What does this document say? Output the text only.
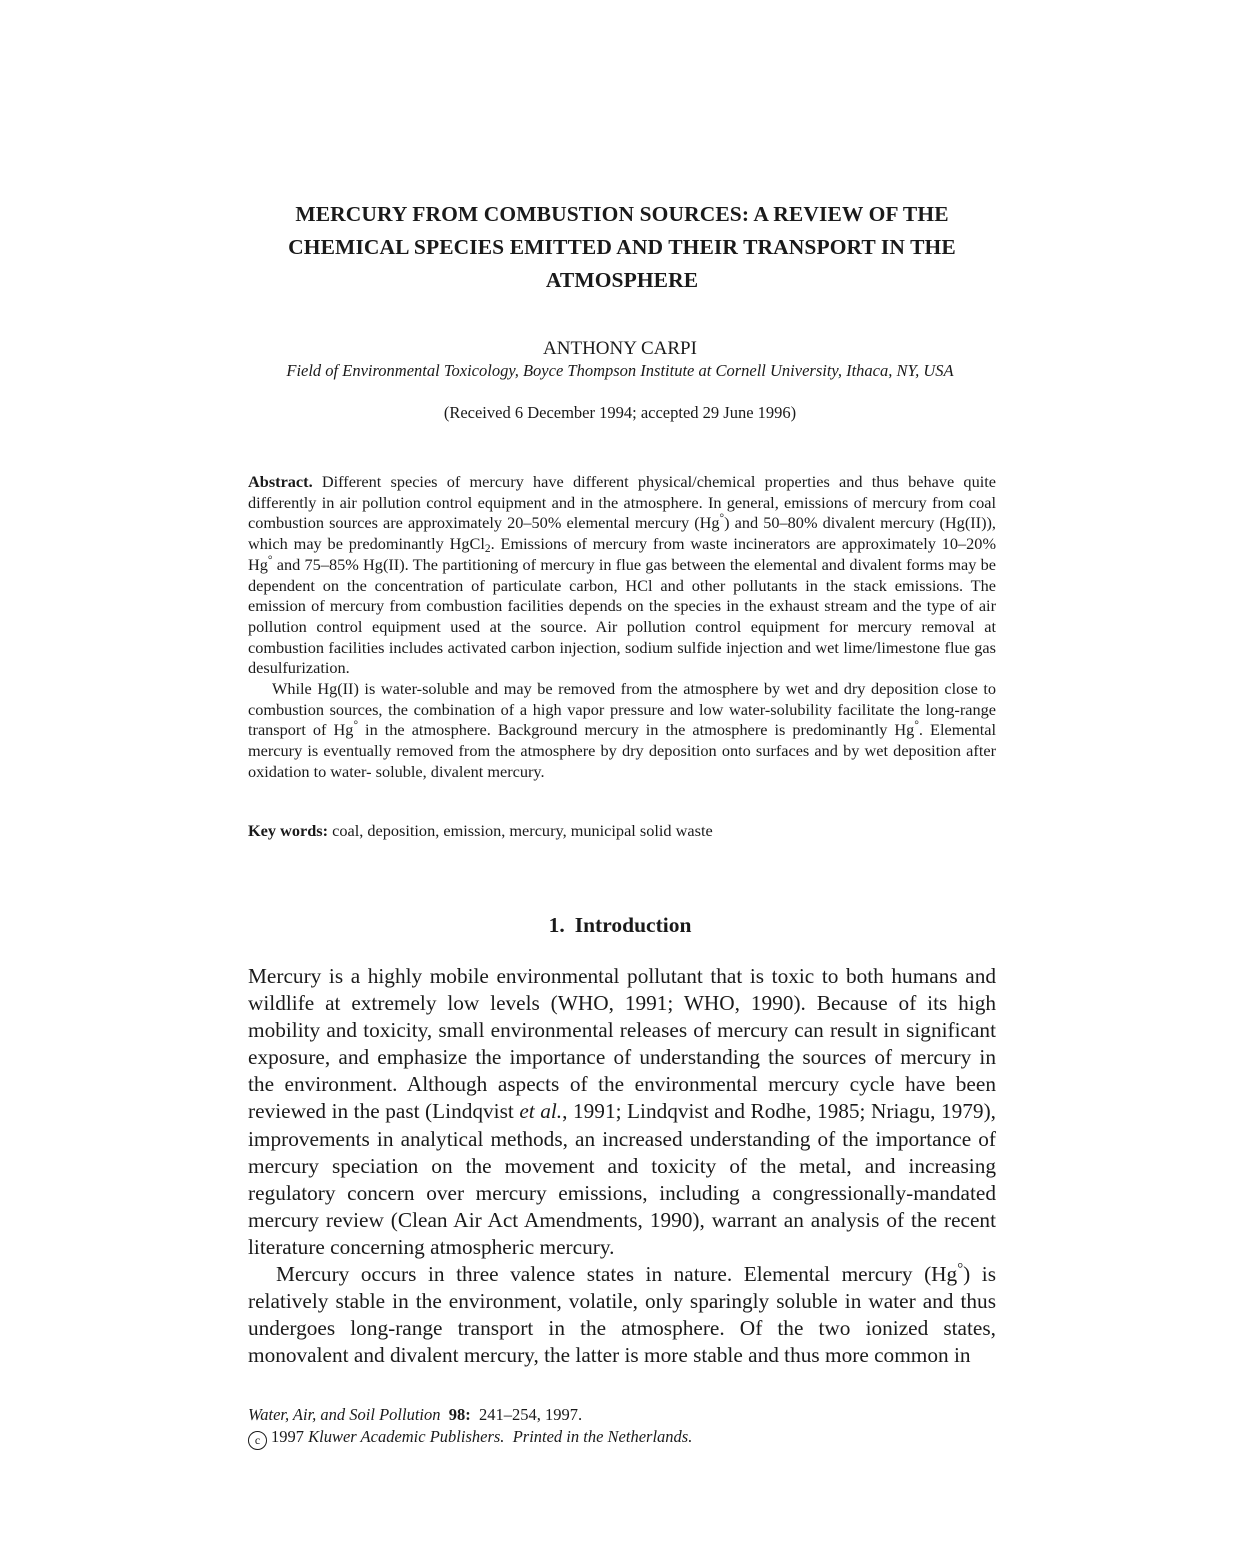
MERCURY FROM COMBUSTION SOURCES: A REVIEW OF THE CHEMICAL SPECIES EMITTED AND THEIR TRANSPORT IN THE ATMOSPHERE
ANTHONY CARPI
Field of Environmental Toxicology, Boyce Thompson Institute at Cornell University, Ithaca, NY, USA
(Received 6 December 1994; accepted 29 June 1996)

Abstract. Different species of mercury have different physical/chemical properties and thus behave quite differently in air pollution control equipment and in the atmosphere. In general, emissions of mercury from coal combustion sources are approximately 20–50% elemental mercury (Hg°) and 50–80% divalent mercury (Hg(II)), which may be predominantly HgCl2. Emissions of mercury from waste incinerators are approximately 10–20% Hg° and 75–85% Hg(II). The partitioning of mercury in flue gas between the elemental and divalent forms may be dependent on the concentration of particulate carbon, HCl and other pollutants in the stack emissions. The emission of mercury from combustion facilities depends on the species in the exhaust stream and the type of air pollution control equipment used at the source. Air pollution control equipment for mercury removal at combustion facilities includes activated carbon injection, sodium sulfide injection and wet lime/limestone flue gas desulfurization.

While Hg(II) is water-soluble and may be removed from the atmosphere by wet and dry deposition close to combustion sources, the combination of a high vapor pressure and low water-solubility facilitate the long-range transport of Hg° in the atmosphere. Background mercury in the atmosphere is predominantly Hg°. Elemental mercury is eventually removed from the atmosphere by dry deposition onto surfaces and by wet deposition after oxidation to water- soluble, divalent mercury.

Key words: coal, deposition, emission, mercury, municipal solid waste

1. Introduction

Mercury is a highly mobile environmental pollutant that is toxic to both humans and wildlife at extremely low levels (WHO, 1991; WHO, 1990). Because of its high mobility and toxicity, small environmental releases of mercury can result in significant exposure, and emphasize the importance of understanding the sources of mercury in the environment. Although aspects of the environmental mercury cycle have been reviewed in the past (Lindqvist et al., 1991; Lindqvist and Rodhe, 1985; Nriagu, 1979), improvements in analytical methods, an increased understanding of the importance of mercury speciation on the movement and toxicity of the metal, and increasing regulatory concern over mercury emissions, including a congressionally-mandated mercury review (Clean Air Act Amendments, 1990), warrant an analysis of the recent literature concerning atmospheric mercury.

Mercury occurs in three valence states in nature. Elemental mercury (Hg°) is relatively stable in the environment, volatile, only sparingly soluble in water and thus undergoes long-range transport in the atmosphere. Of the two ionized states, monovalent and divalent mercury, the latter is more stable and thus more common in

Water, Air, and Soil Pollution 98: 241–254, 1997.
c 1997 Kluwer Academic Publishers. Printed in the Netherlands.
